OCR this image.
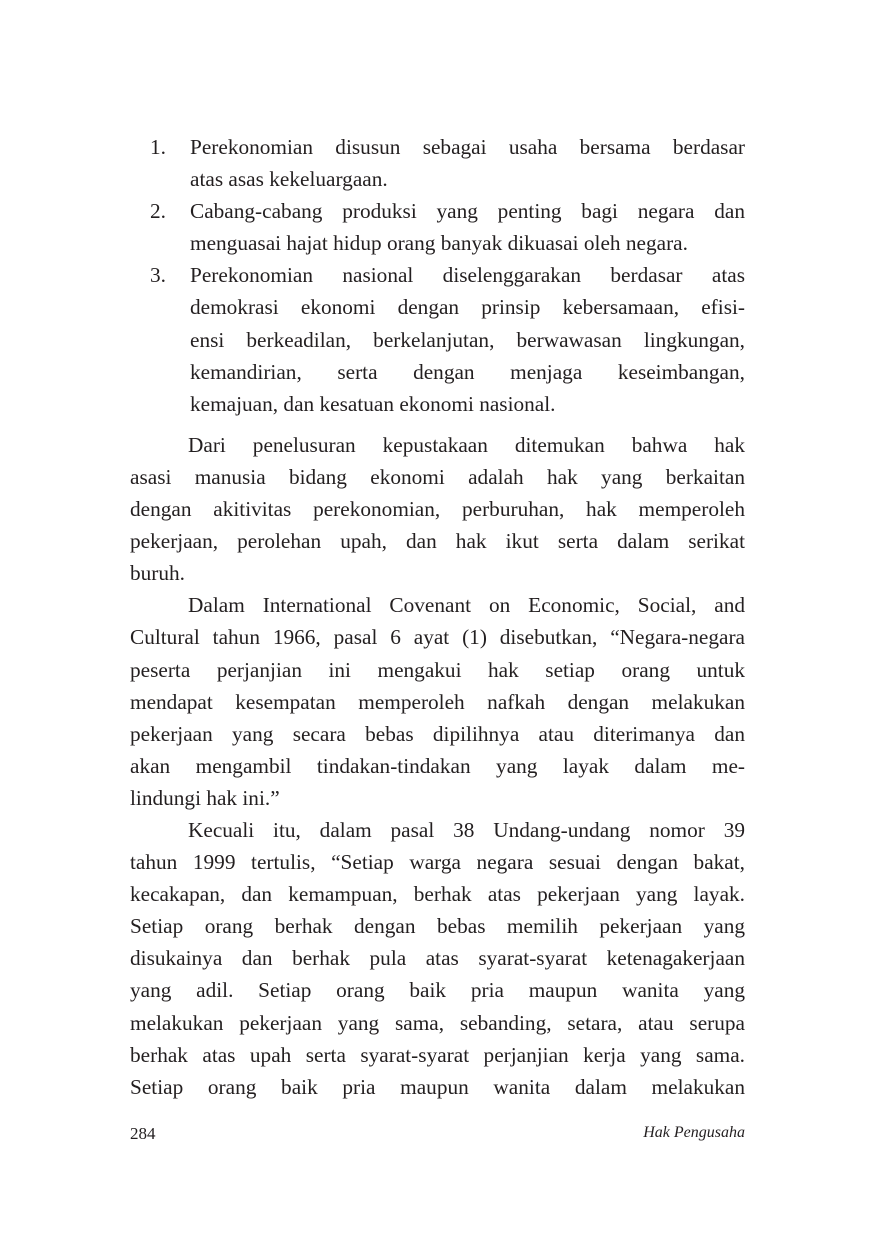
1. Perekonomian disusun sebagai usaha bersama berdasar
atas asas kekeluargaan.
2. Cabang-cabang produksi yang penting bagi negara dan
menguasai hajat hidup orang banyak dikuasai oleh negara.
3. Perekonomian nasional diselenggarakan berdasar atas
demokrasi ekonomi dengan prinsip kebersamaan, efisi-
ensi berkeadilan, berkelanjutan, berwawasan lingkungan,
kemandirian, serta dengan menjaga keseimbangan,
kemajuan, dan kesatuan ekonomi nasional.
Dari penelusuran kepustakaan ditemukan bahwa hak
asasi manusia bidang ekonomi adalah hak yang berkaitan
dengan akitivitas perekonomian, perburuhan, hak memperoleh
pekerjaan, perolehan upah, dan hak ikut serta dalam serikat
buruh.
Dalam International Covenant on Economic, Social, and
Cultural tahun 1966, pasal 6 ayat (1) disebutkan, “Negara-negara
peserta perjanjian ini mengakui hak setiap orang untuk
mendapat kesempatan memperoleh nafkah dengan melakukan
pekerjaan yang secara bebas dipilihnya atau diterimanya dan
akan mengambil tindakan-tindakan yang layak dalam me-
lindungi hak ini.”
Kecuali itu, dalam pasal 38 Undang-undang nomor 39
tahun 1999 tertulis, “Setiap warga negara sesuai dengan bakat,
kecakapan, dan kemampuan, berhak atas pekerjaan yang layak.
Setiap orang berhak dengan bebas memilih pekerjaan yang
disukainya dan berhak pula atas syarat-syarat ketenagakerjaan
yang adil. Setiap orang baik pria maupun wanita yang
melakukan pekerjaan yang sama, sebanding, setara, atau serupa
berhak atas upah serta syarat-syarat perjanjian kerja yang sama.
Setiap orang baik pria maupun wanita dalam melakukan
284	Hak Pengusaha
